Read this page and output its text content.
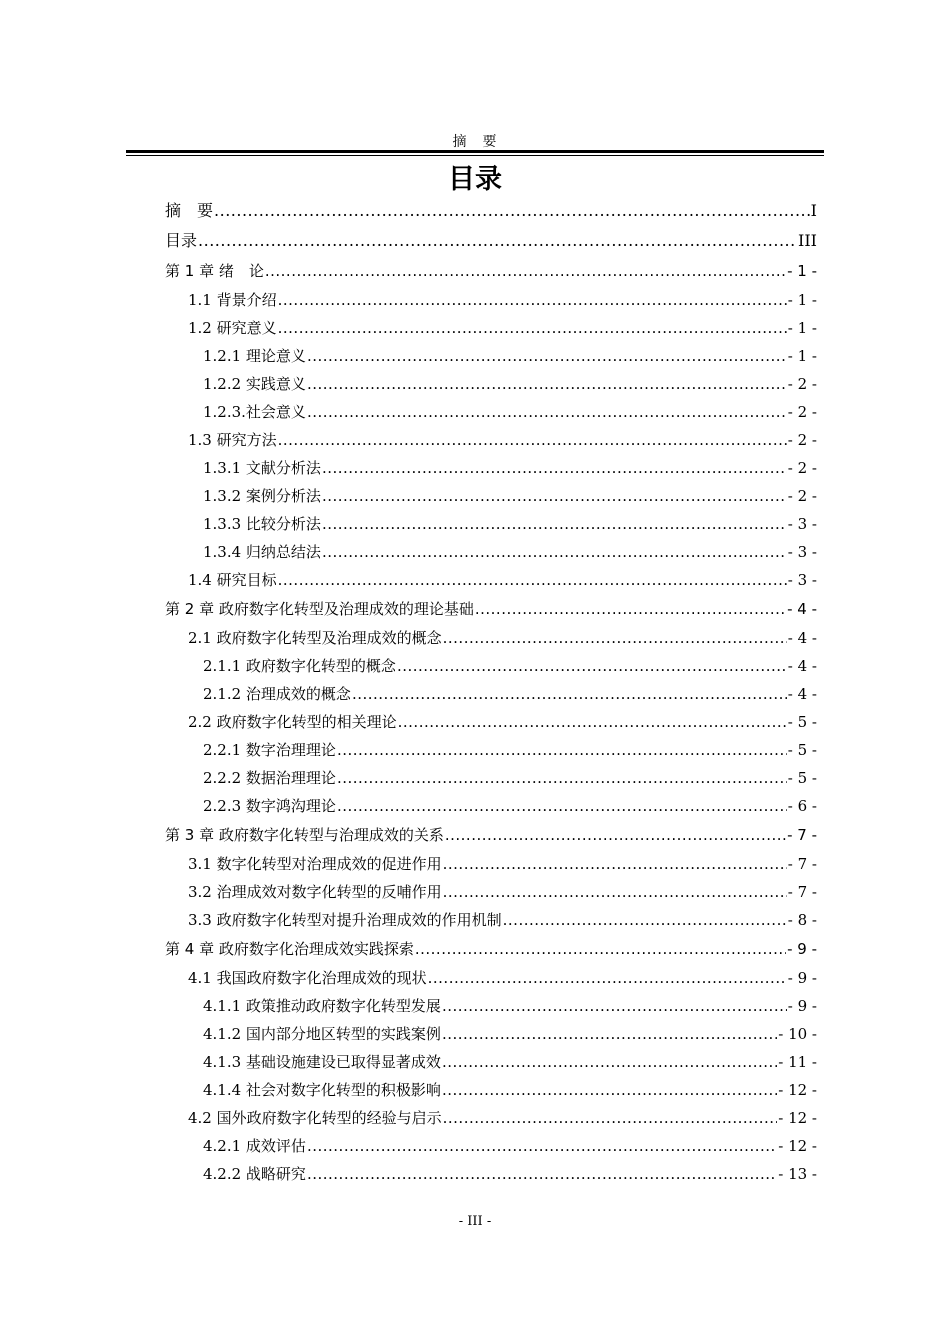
摘　要
目录
摘　要 .....	I
目录 .....	III
第 1 章 绪　论 .....	- 1 -
1.1 背景介绍 .....	- 1 -
1.2 研究意义 .....	- 1 -
1.2.1 理论意义 .....	- 1 -
1.2.2 实践意义 .....	- 2 -
1.2.3.社会意义 .....	- 2 -
1.3 研究方法 .....	- 2 -
1.3.1 文献分析法 .....	- 2 -
1.3.2 案例分析法 .....	- 2 -
1.3.3 比较分析法 .....	- 3 -
1.3.4 归纳总结法 .....	- 3 -
1.4 研究目标 .....	- 3 -
第 2 章 政府数字化转型及治理成效的理论基础 .....	- 4 -
2.1 政府数字化转型及治理成效的概念 .....	- 4 -
2.1.1 政府数字化转型的概念 .....	- 4 -
2.1.2 治理成效的概念 .....	- 4 -
2.2 政府数字化转型的相关理论 .....	- 5 -
2.2.1 数字治理理论 .....	- 5 -
2.2.2 数据治理理论 .....	- 5 -
2.2.3 数字鸿沟理论 .....	- 6 -
第 3 章 政府数字化转型与治理成效的关系 .....	- 7 -
3.1 数字化转型对治理成效的促进作用 .....	- 7 -
3.2 治理成效对数字化转型的反哺作用 .....	- 7 -
3.3 政府数字化转型对提升治理成效的作用机制 .....	- 8 -
第 4 章 政府数字化治理成效实践探索 .....	- 9 -
4.1 我国政府数字化治理成效的现状 .....	- 9 -
4.1.1 政策推动政府数字化转型发展 .....	- 9 -
4.1.2 国内部分地区转型的实践案例 .....	- 10 -
4.1.3 基础设施建设已取得显著成效 .....	- 11 -
4.1.4 社会对数字化转型的积极影响 .....	- 12 -
4.2 国外政府数字化转型的经验与启示 .....	- 12 -
4.2.1 成效评估 .....	- 12 -
4.2.2 战略研究 .....	- 13 -
- III -
